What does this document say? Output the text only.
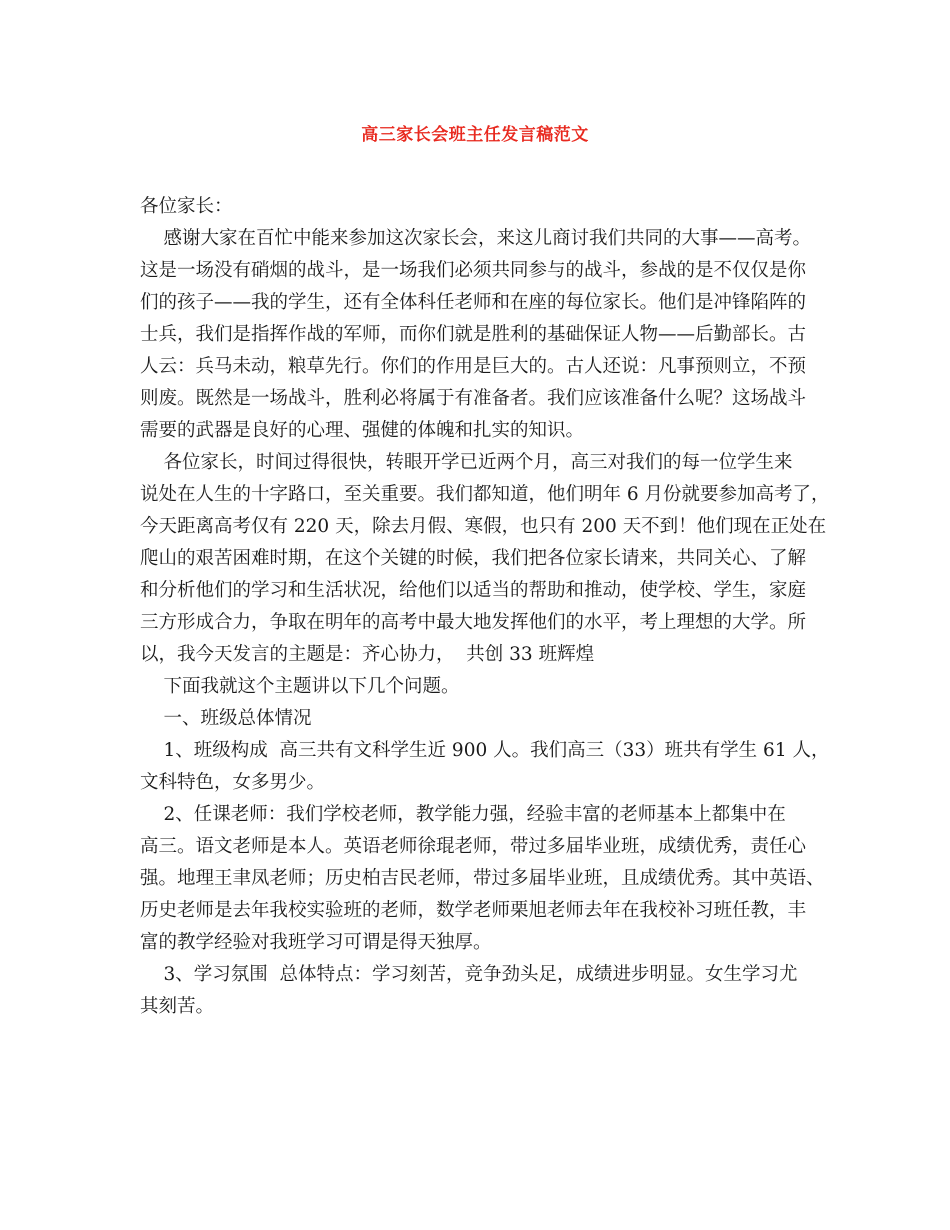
高三家长会班主任发言稿范文
各位家长：
感谢大家在百忙中能来参加这次家长会，来这儿商讨我们共同的大事——高考。
这是一场没有硝烟的战斗，是一场我们必须共同参与的战斗，参战的是不仅仅是你
们的孩子——我的学生，还有全体科任老师和在座的每位家长。他们是冲锋陷阵的
士兵，我们是指挥作战的军师，而你们就是胜利的基础保证人物——后勤部长。古
人云：兵马未动，粮草先行。你们的作用是巨大的。古人还说：凡事预则立，不预
则废。既然是一场战斗，胜利必将属于有准备者。我们应该准备什么呢？这场战斗
需要的武器是良好的心理、强健的体魄和扎实的知识。
各位家长，时间过得很快，转眼开学已近两个月，高三对我们的每一位学生来
说处在人生的十字路口，至关重要。我们都知道，他们明年 6 月份就要参加高考了，
今天距离高考仅有 220 天，除去月假、寒假，也只有 200 天不到！他们现在正处在
爬山的艰苦困难时期，在这个关键的时候，我们把各位家长请来，共同关心、了解
和分析他们的学习和生活状况，给他们以适当的帮助和推动，使学校、学生，家庭
三方形成合力，争取在明年的高考中最大地发挥他们的水平，考上理想的大学。所
以，我今天发言的主题是：齐心协力，  共创 33 班辉煌
下面我就这个主题讲以下几个问题。
一、班级总体情况
1、班级构成  高三共有文科学生近 900 人。我们高三（33）班共有学生 61 人，
文科特色，女多男少。
2、任课老师：我们学校老师，教学能力强，经验丰富的老师基本上都集中在
高三。语文老师是本人。英语老师徐琨老师，带过多届毕业班，成绩优秀，责任心
强。地理王聿凤老师；历史柏吉民老师，带过多届毕业班，且成绩优秀。其中英语、
历史老师是去年我校实验班的老师，数学老师栗旭老师去年在我校补习班任教，丰
富的教学经验对我班学习可谓是得天独厚。
3、学习氛围  总体特点：学习刻苦，竞争劲头足，成绩进步明显。女生学习尤
其刻苦。
